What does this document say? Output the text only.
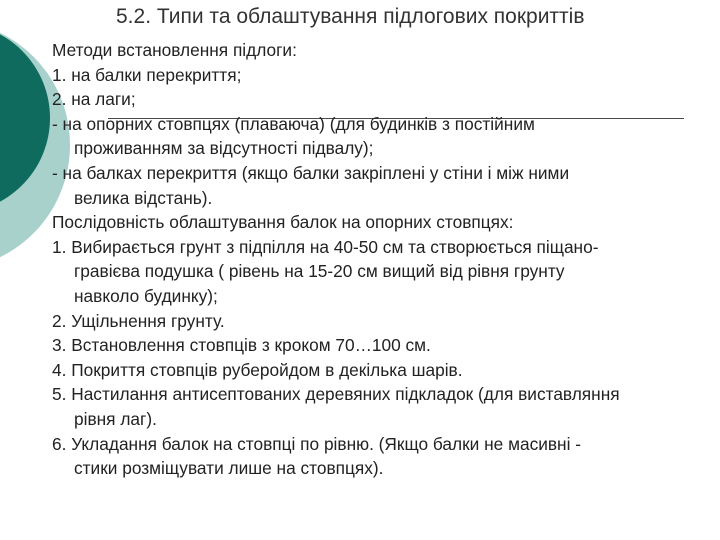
5.2. Типи та облаштування підлогових покриттів

Методи встановлення підлоги:

1. на балки перекриття;

2. на лаги;

- на опорних стовпцях (плаваюча) (для будинків з постійним
проживанням за відсутності підвалу);

- на балках перекриття (якщо балки закріплені у стіни і між ними
велика відстань).

Послідовність облаштування балок на опорних стовпцях:

1. Вибирається грунт з підпілля на 40-50 см та створюється піщано-
гравієва подушка ( рівень на 15-20 см вищий від рівня грунту
навколо будинку);

2. Ущільнення грунту.

3. Встановлення стовпців з кроком 70…100 см.

4. Покриття стовпців руберойдом в декілька шарів.

5. Настилання антисептованих деревяних підкладок (для виставляння
рівня лаг).

6. Укладання балок на стовпці по рівню. (Якщо балки не масивні -
стики розміщувати лише на стовпцях).
